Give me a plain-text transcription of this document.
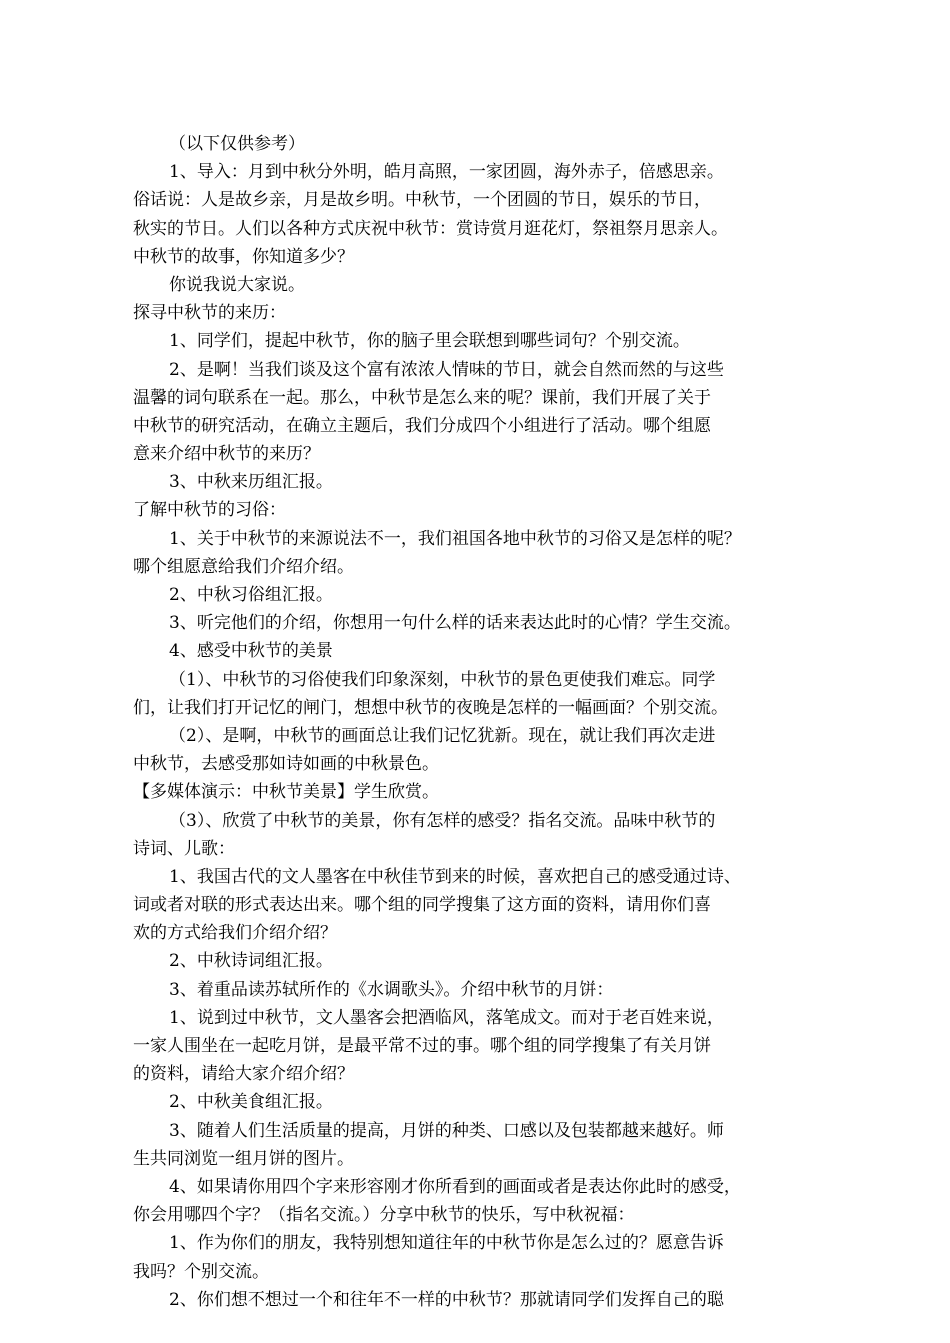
（以下仅供参考）
1、导入：月到中秋分外明，皓月高照，一家团圆，海外赤子，倍感思亲。
俗话说：人是故乡亲，月是故乡明。中秋节，一个团圆的节日，娱乐的节日，
秋实的节日。人们以各种方式庆祝中秋节：赏诗赏月逛花灯，祭祖祭月思亲人。
中秋节的故事，你知道多少？
你说我说大家说。
探寻中秋节的来历：
1、同学们，提起中秋节，你的脑子里会联想到哪些词句？个别交流。
2、是啊！当我们谈及这个富有浓浓人情味的节日，就会自然而然的与这些
温馨的词句联系在一起。那么，中秋节是怎么来的呢？课前，我们开展了关于
中秋节的研究活动，在确立主题后，我们分成四个小组进行了活动。哪个组愿
意来介绍中秋节的来历？
3、中秋来历组汇报。
了解中秋节的习俗：
1、关于中秋节的来源说法不一，我们祖国各地中秋节的习俗又是怎样的呢？
哪个组愿意给我们介绍介绍。
2、中秋习俗组汇报。
3、听完他们的介绍，你想用一句什么样的话来表达此时的心情？学生交流。
4、感受中秋节的美景
（1）、中秋节的习俗使我们印象深刻，中秋节的景色更使我们难忘。同学
们，让我们打开记忆的闸门，想想中秋节的夜晚是怎样的一幅画面？个别交流。
（2）、是啊，中秋节的画面总让我们记忆犹新。现在，就让我们再次走进
中秋节，去感受那如诗如画的中秋景色。
【多媒体演示：中秋节美景】学生欣赏。
（3）、欣赏了中秋节的美景，你有怎样的感受？指名交流。品味中秋节的
诗词、儿歌：
1、我国古代的文人墨客在中秋佳节到来的时候，喜欢把自己的感受通过诗、
词或者对联的形式表达出来。哪个组的同学搜集了这方面的资料，请用你们喜
欢的方式给我们介绍介绍？
2、中秋诗词组汇报。
3、着重品读苏轼所作的《水调歌头》。介绍中秋节的月饼：
1、说到过中秋节，文人墨客会把酒临风，落笔成文。而对于老百姓来说，
一家人围坐在一起吃月饼，是最平常不过的事。哪个组的同学搜集了有关月饼
的资料，请给大家介绍介绍？
2、中秋美食组汇报。
3、随着人们生活质量的提高，月饼的种类、口感以及包装都越来越好。师
生共同浏览一组月饼的图片。
4、如果请你用四个字来形容刚才你所看到的画面或者是表达你此时的感受，
你会用哪四个字？（指名交流。）分享中秋节的快乐，写中秋祝福：
1、作为你们的朋友，我特别想知道往年的中秋节你是怎么过的？愿意告诉
我吗？个别交流。
2、你们想不想过一个和往年不一样的中秋节？那就请同学们发挥自己的聪
